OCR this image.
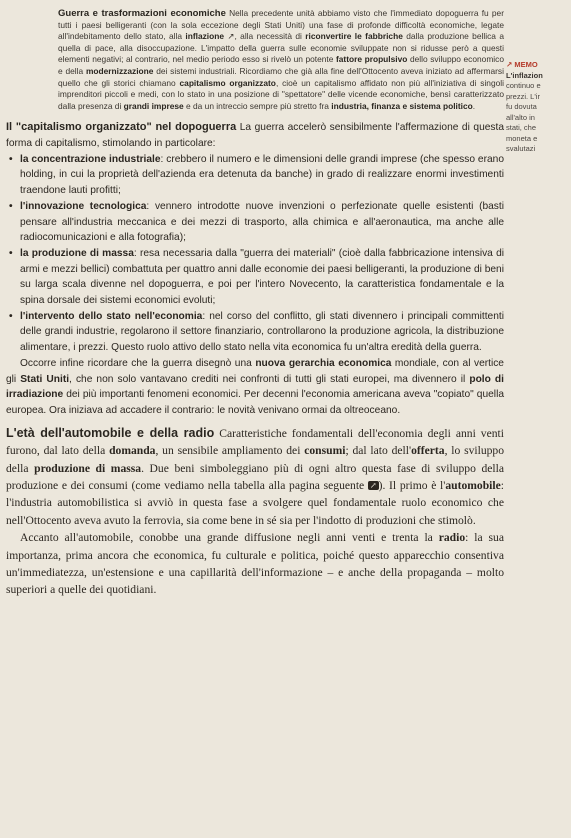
↗ MEMO
L'inflazion
continuo e
prezzi. L'ir
fu dovuta
all'alto in
stati, che
moneta e
svalutazi

Guerra e trasformazioni economiche Nella precedente unità abbiamo visto che l'immediato dopoguerra fu per tutti i paesi belligeranti (con la sola eccezione degli Stati Uniti) una fase di profonde difficoltà economiche, legate all'indebitamento dello stato, alla inflazione ↗, alla necessità di riconvertire le fabbriche dalla produzione bellica a quella di pace, alla disoccupazione. L'impatto della guerra sulle economie sviluppate non si ridusse però a questi elementi negativi; al contrario, nel medio periodo esso si rivelò un potente fattore propulsivo dello sviluppo economico e della modernizzazione dei sistemi industriali. Ricordiamo che già alla fine dell'Ottocento aveva iniziato ad affermarsi quello che gli storici chiamano capitalismo organizzato, cioè un capitalismo affidato non più all'iniziativa di singoli imprenditori piccoli e medi, con lo stato in una posizione di "spettatore" delle vicende economiche, bensì caratterizzato dalla presenza di grandi imprese e da un intreccio sempre più stretto fra industria, finanza e sistema politico.

Il "capitalismo organizzato" nel dopoguerra La guerra accelerò sensibilmente l'affermazione di questa forma di capitalismo, stimolando in particolare:

• la concentrazione industriale: crebbero il numero e le dimensioni delle grandi imprese (che spesso erano holding, in cui la proprietà dell'azienda era detenuta da banche) in grado di realizzare enormi investimenti traendone lauti profitti;
• l'innovazione tecnologica: vennero introdotte nuove invenzioni o perfezionate quelle esistenti (basti pensare all'industria meccanica e dei mezzi di trasporto, alla chimica e all'aeronautica, ma anche alle radiocomunicazioni e alla fotografia);
• la produzione di massa: resa necessaria dalla "guerra dei materiali" (cioè dalla fabbricazione intensiva di armi e mezzi bellici) combattuta per quattro anni dalle economie dei paesi belligeranti, la produzione di beni su larga scala divenne nel dopoguerra, e poi per l'intero Novecento, la caratteristica fondamentale e la spina dorsale dei sistemi economici evoluti;
• l'intervento dello stato nell'economia: nel corso del conflitto, gli stati divennero i principali committenti delle grandi industrie, regolarono il settore finanziario, controllarono la produzione agricola, la distribuzione alimentare, i prezzi. Questo ruolo attivo dello stato nella vita economica fu un'altra eredità della guerra.

Occorre infine ricordare che la guerra disegnò una nuova gerarchia economica mondiale, con al vertice gli Stati Uniti, che non solo vantavano crediti nei confronti di tutti gli stati europei, ma divennero il polo di irradiazione dei più importanti fenomeni economici. Per decenni l'economia americana aveva "copiato" quella europea. Ora iniziava ad accadere il contrario: le novità venivano ormai da oltreoceano.

L'età dell'automobile e della radio Caratteristiche fondamentali dell'economia degli anni venti furono, dal lato della domanda, un sensibile ampliamento dei consumi; dal lato dell'offerta, lo sviluppo della produzione di massa. Due beni simboleggiano più di ogni altro questa fase di sviluppo della produzione e dei consumi (come vediamo nella tabella alla pagina seguente ↗ ). Il primo è l'automobile: l'industria automobilistica si avviò in questa fase a svolgere quel fondamentale ruolo economico che nell'Ottocento aveva avuto la ferrovia, sia come bene in sé sia per l'indotto di produzioni che stimolò.

Accanto all'automobile, conobbe una grande diffusione negli anni venti e trenta la radio: la sua importanza, prima ancora che economica, fu culturale e politica, poiché questo apparecchio consentiva un'immediatezza, un'estensione e una capillarità dell'informazione – e anche della propaganda – molto superiori a quelle dei quotidiani.
